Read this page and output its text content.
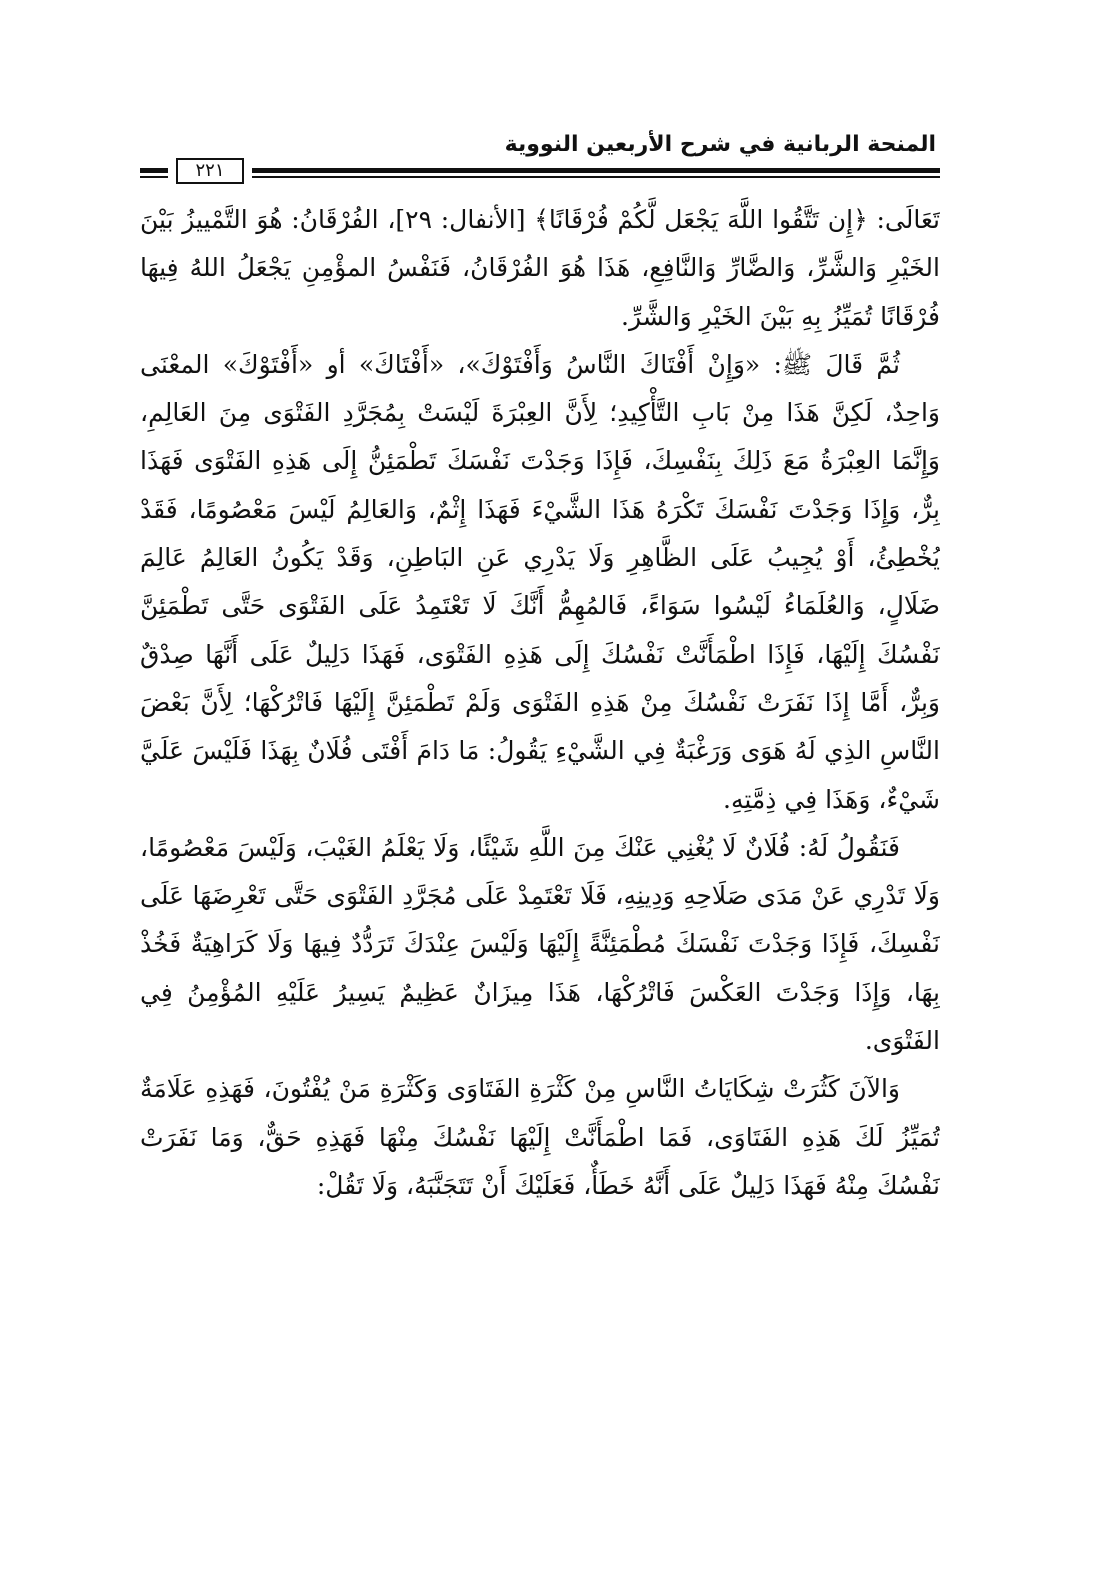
المنحة الربانية في شرح الأربعين النووية
٢٢١

تَعَالَى: ﴿إِن تَتَّقُوا اللَّهَ يَجْعَل لَّكُمْ فُرْقَانًا﴾ [الأنفال: ٢٩]، الفُرْقَانُ: هُوَ التَّمْييزُ بَيْنَ الخَيْرِ وَالشَّرِّ، وَالضَّارِّ وَالنَّافِعِ، هَذَا هُوَ الفُرْقَانُ، فَنَفْسُ المؤْمِنِ يَجْعَلُ اللهُ فِيهَا فُرْقَانًا تُمَيِّزُ بِهِ بَيْنَ الخَيْرِ وَالشَّرِّ.

ثُمَّ قَالَ ﷺ: «وَإِنْ أَفْتَاكَ النَّاسُ وَأَفْتَوْكَ»، «أَفْتَاكَ» أو «أَفْتَوْكَ» المعْنَى وَاحِدٌ، لَكِنَّ هَذَا مِنْ بَابِ التَّأْكِيدِ؛ لِأَنَّ العِبْرَةَ لَيْسَتْ بِمُجَرَّدِ الفَتْوَى مِنَ العَالِمِ، وَإِنَّمَا العِبْرَةُ مَعَ ذَلِكَ بِنَفْسِكَ، فَإِذَا وَجَدْتَ نَفْسَكَ تَطْمَئِنُّ إِلَى هَذِهِ الفَتْوَى فَهَذَا بِرٌّ، وَإِذَا وَجَدْتَ نَفْسَكَ تَكْرَهُ هَذَا الشَّيْءَ فَهَذَا إِثْمٌ، وَالعَالِمُ لَيْسَ مَعْصُومًا، فَقَدْ يُخْطِئُ، أَوْ يُجِيبُ عَلَى الظَّاهِرِ وَلَا يَدْرِي عَنِ البَاطِنِ، وَقَدْ يَكُونُ العَالِمُ عَالِمَ ضَلَالٍ، وَالعُلَمَاءُ لَيْسُوا سَوَاءً، فَالمُهِمُّ أَنَّكَ لَا تَعْتَمِدُ عَلَى الفَتْوَى حَتَّى تَطْمَئِنَّ نَفْسُكَ إِلَيْهَا، فَإِذَا اطْمَأَنَّتْ نَفْسُكَ إِلَى هَذِهِ الفَتْوَى، فَهَذَا دَلِيلٌ عَلَى أَنَّهَا صِدْقٌ وَبِرٌّ، أَمَّا إِذَا نَفَرَتْ نَفْسُكَ مِنْ هَذِهِ الفَتْوَى وَلَمْ تَطْمَئِنَّ إِلَيْهَا فَاتْرُكْهَا؛ لِأَنَّ بَعْضَ النَّاسِ الذِي لَهُ هَوَى وَرَغْبَةٌ فِي الشَّيْءِ يَقُولُ: مَا دَامَ أَفْتَى فُلَانٌ بِهَذَا فَلَيْسَ عَلَيَّ شَيْءٌ، وَهَذَا فِي ذِمَّتِهِ.

فَنَقُولُ لَهُ: فُلَانٌ لَا يُغْنِي عَنْكَ مِنَ اللَّهِ شَيْئًا، وَلَا يَعْلَمُ الغَيْبَ، وَلَيْسَ مَعْصُومًا، وَلَا تَدْرِي عَنْ مَدَى صَلَاحِهِ وَدِينِهِ، فَلَا تَعْتَمِدْ عَلَى مُجَرَّدِ الفَتْوَى حَتَّى تَعْرِضَهَا عَلَى نَفْسِكَ، فَإِذَا وَجَدْتَ نَفْسَكَ مُطْمَئِنَّةً إِلَيْهَا وَلَيْسَ عِنْدَكَ تَرَدُّدٌ فِيهَا وَلَا كَرَاهِيَةٌ فَخُذْ بِهَا، وَإِذَا وَجَدْتَ العَكْسَ فَاتْرُكْهَا، هَذَا مِيزَانٌ عَظِيمٌ يَسِيرُ عَلَيْهِ المُؤْمِنُ فِي الفَتْوَى.

وَالآنَ كَثُرَتْ شِكَايَاتُ النَّاسِ مِنْ كَثْرَةِ الفَتَاوَى وَكَثْرَةِ مَنْ يُفْتُونَ، فَهَذِهِ عَلَامَةٌ تُمَيِّزُ لَكَ هَذِهِ الفَتَاوَى، فَمَا اطْمَأَنَّتْ إِلَيْهَا نَفْسُكَ مِنْهَا فَهَذِهِ حَقٌّ، وَمَا نَفَرَتْ نَفْسُكَ مِنْهُ فَهَذَا دَلِيلٌ عَلَى أَنَّهُ خَطَأٌ، فَعَلَيْكَ أَنْ تَتَجَنَّبَهُ، وَلَا تَقُلْ:
